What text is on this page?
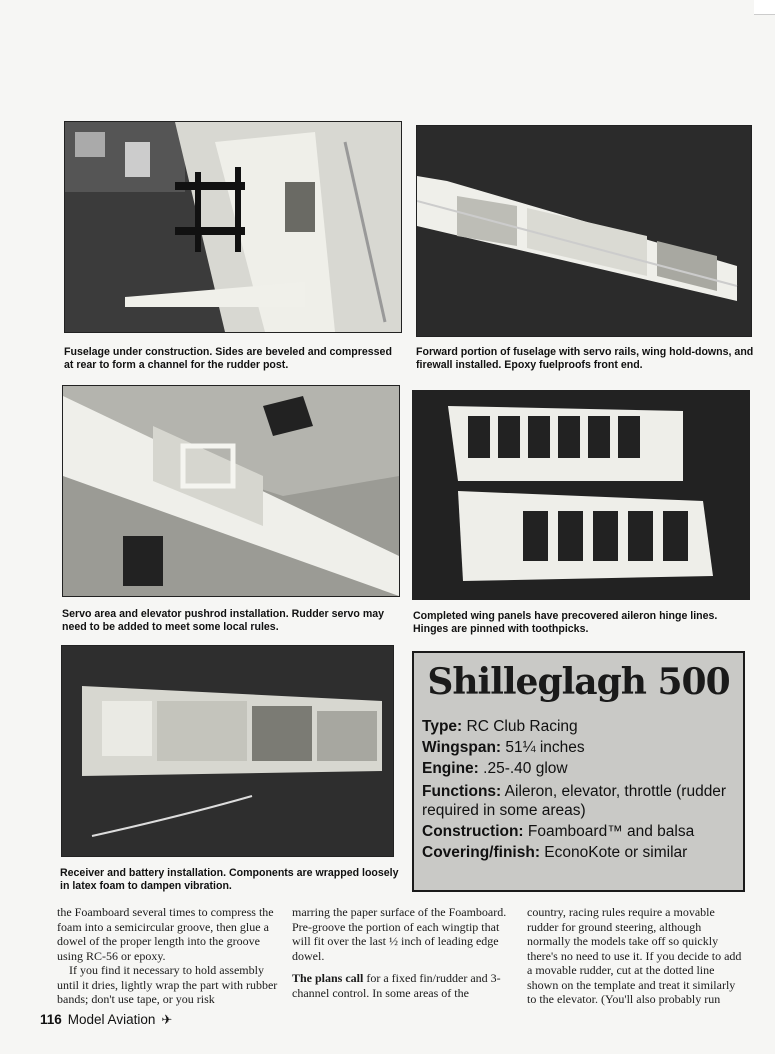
Fuselage under construction. Sides are beveled and compressed at rear to form a channel for the rudder post.

Forward portion of fuselage with servo rails, wing hold-downs, and firewall installed. Epoxy fuelproofs front end.

Servo area and elevator pushrod installation. Rudder servo may need to be added to meet some local rules.

Completed wing panels have precovered aileron hinge lines. Hinges are pinned with toothpicks.

Receiver and battery installation. Components are wrapped loosely in latex foam to dampen vibration.

Shilleglagh 500
Type: RC Club Racing
Wingspan: 51¼ inches
Engine: .25-.40 glow
Functions: Aileron, elevator, throttle (rudder required in some areas)
Construction: Foamboard™ and balsa
Covering/finish: EconoKote or similar

the Foamboard several times to compress the foam into a semicircular groove, then glue a dowel of the proper length into the groove using RC-56 or epoxy.

If you find it necessary to hold assembly until it dries, lightly wrap the part with rubber bands; don't use tape, or you risk

marring the paper surface of the Foamboard. Pre-groove the portion of each wingtip that will fit over the last ½ inch of leading edge dowel.

The plans call for a fixed fin/rudder and 3-channel control. In some areas of the

country, racing rules require a movable rudder for ground steering, although normally the models take off so quickly there's no need to use it. If you decide to add a movable rudder, cut at the dotted line shown on the template and treat it similarly to the elevator. (You'll also probably run

116 Model Aviation ✈
